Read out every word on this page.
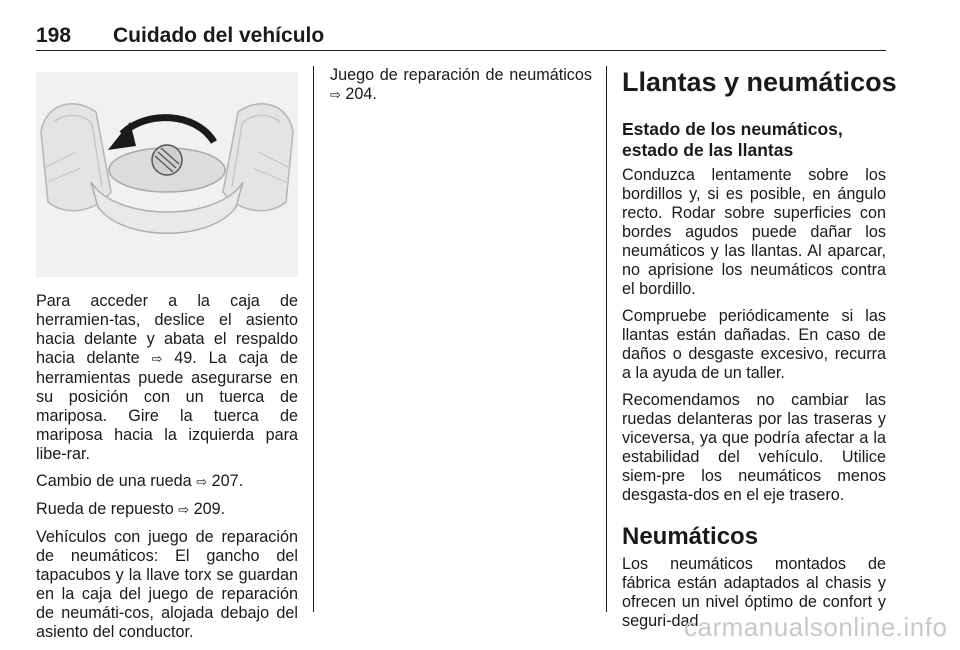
198 Cuidado del vehículo

Para acceder a la caja de herramien-tas, deslice el asiento hacia delante y abata el respaldo hacia delante ⇨ 49. La caja de herramientas puede asegurarse en su posición con un tuerca de mariposa. Gire la tuerca de mariposa hacia la izquierda para libe-rar.

Cambio de una rueda ⇨ 207.

Rueda de repuesto ⇨ 209.

Vehículos con juego de reparación de neumáticos: El gancho del tapacubos y la llave torx se guardan en la caja del juego de reparación de neumáti-cos, alojada debajo del asiento del conductor.

Juego de reparación de neumáticos ⇨ 204.	Llantas y neumáticos
Estado de los neumáticos, estado de las llantas

Conduzca lentamente sobre los bordillos y, si es posible, en ángulo recto. Rodar sobre superficies con bordes agudos puede dañar los neumáticos y las llantas. Al aparcar, no aprisione los neumáticos contra el bordillo.

Compruebe periódicamente si las llantas están dañadas. En caso de daños o desgaste excesivo, recurra a la ayuda de un taller.

Recomendamos no cambiar las ruedas delanteras por las traseras y viceversa, ya que podría afectar a la estabilidad del vehículo. Utilice siem-pre los neumáticos menos desgasta-dos en el eje trasero.

Neumáticos

Los neumáticos montados de fábrica están adaptados al chasis y ofrecen un nivel óptimo de confort y seguri-dad.

carmanualsonline.info
